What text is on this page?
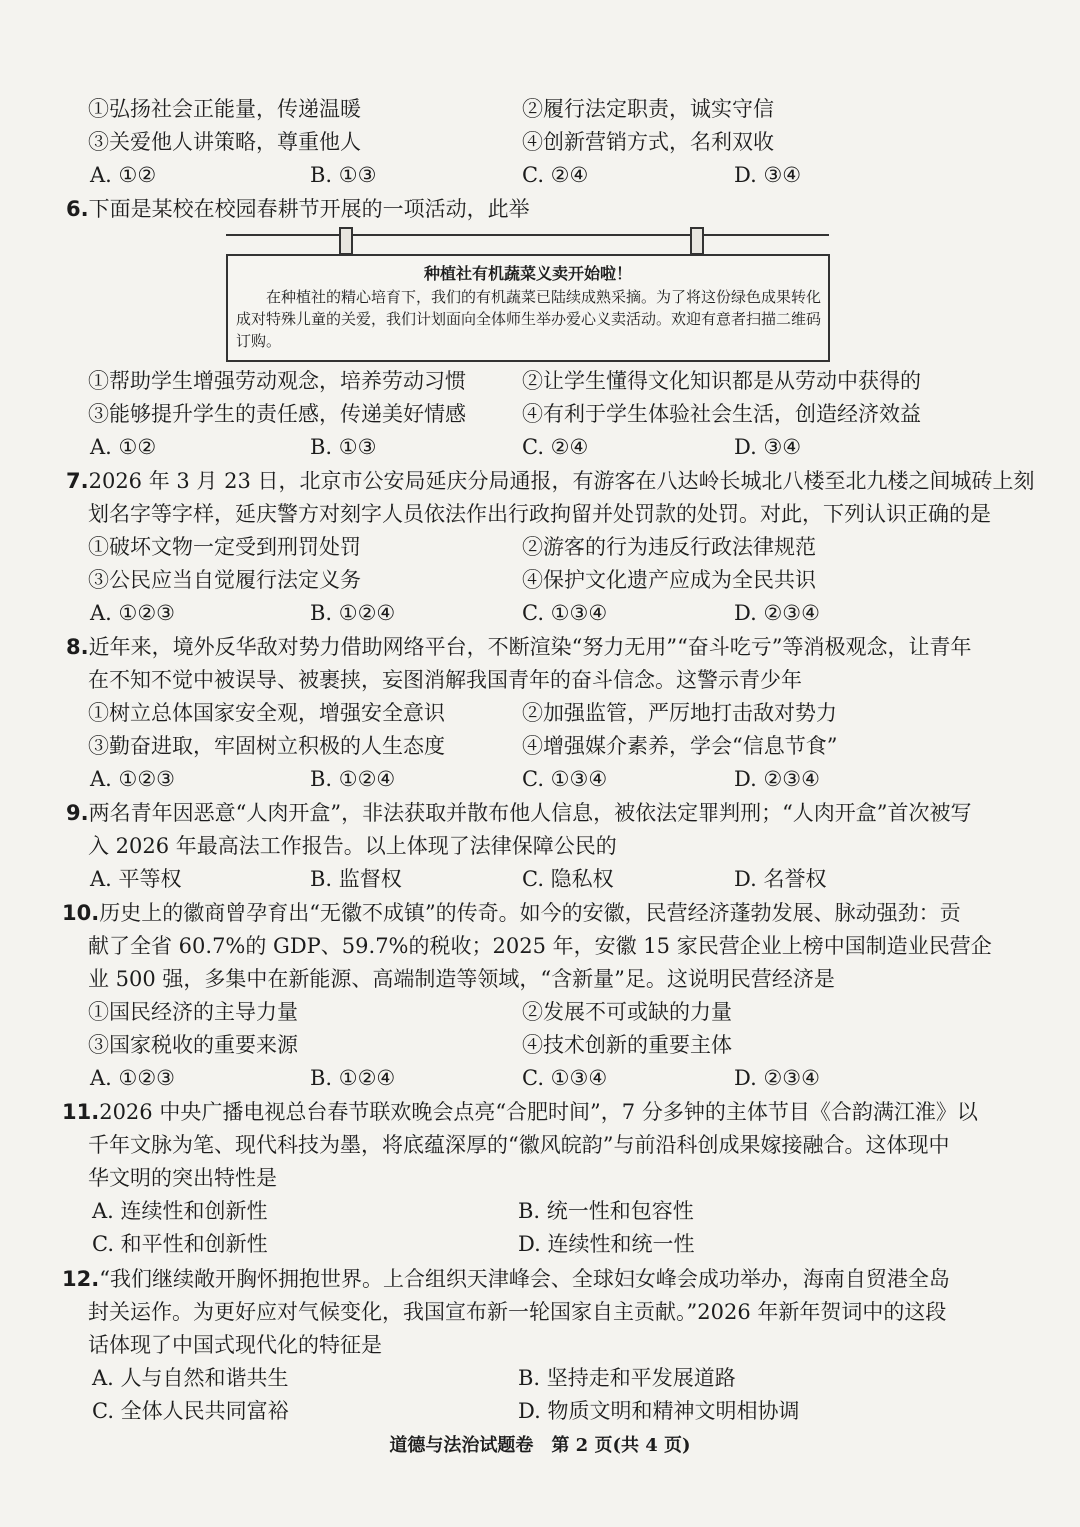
①弘扬社会正能量，传递温暖	②履行法定职责，诚实守信
③关爱他人讲策略，尊重他人	④创新营销方式，名利双收
A. ①②	B. ①③	C. ②④	D. ③④
6.下面是某校在校园春耕节开展的一项活动，此举
种植社有机蔬菜义卖开始啦！
　　在种植社的精心培育下，我们的有机蔬菜已陆续成熟采摘。为了将这份绿色成果转化成对特殊儿童的关爱，我们计划面向全体师生举办爱心义卖活动。欢迎有意者扫描二维码订购。
①帮助学生增强劳动观念，培养劳动习惯	②让学生懂得文化知识都是从劳动中获得的
③能够提升学生的责任感，传递美好情感	④有利于学生体验社会生活，创造经济效益
A. ①②	B. ①③	C. ②④	D. ③④
7.2026 年 3 月 23 日，北京市公安局延庆分局通报，有游客在八达岭长城北八楼至北九楼之间城砖上刻
划名字等字样，延庆警方对刻字人员依法作出行政拘留并处罚款的处罚。对此，下列认识正确的是
①破坏文物一定受到刑罚处罚	②游客的行为违反行政法律规范
③公民应当自觉履行法定义务	④保护文化遗产应成为全民共识
A. ①②③	B. ①②④	C. ①③④	D. ②③④
8.近年来，境外反华敌对势力借助网络平台，不断渲染“努力无用”“奋斗吃亏”等消极观念，让青年
在不知不觉中被误导、被裹挟，妄图消解我国青年的奋斗信念。这警示青少年
①树立总体国家安全观，增强安全意识	②加强监管，严厉地打击敌对势力
③勤奋进取，牢固树立积极的人生态度	④增强媒介素养，学会“信息节食”
A. ①②③	B. ①②④	C. ①③④	D. ②③④
9.两名青年因恶意“人肉开盒”，非法获取并散布他人信息，被依法定罪判刑；“人肉开盒”首次被写
入 2026 年最高法工作报告。以上体现了法律保障公民的
A. 平等权	B. 监督权	C. 隐私权	D. 名誉权
10.历史上的徽商曾孕育出“无徽不成镇”的传奇。如今的安徽，民营经济蓬勃发展、脉动强劲：贡
献了全省 60.7%的 GDP、59.7%的税收；2025 年，安徽 15 家民营企业上榜中国制造业民营企
业 500 强，多集中在新能源、高端制造等领域，“含新量”足。这说明民营经济是
①国民经济的主导力量	②发展不可或缺的力量
③国家税收的重要来源	④技术创新的重要主体
A. ①②③	B. ①②④	C. ①③④	D. ②③④
11.2026 中央广播电视总台春节联欢晚会点亮“合肥时间”，7 分多钟的主体节目《合韵满江淮》以
千年文脉为笔、现代科技为墨，将底蕴深厚的“徽风皖韵”与前沿科创成果嫁接融合。这体现中
华文明的突出特性是
A. 连续性和创新性	B. 统一性和包容性
C. 和平性和创新性	D. 连续性和统一性
12.“我们继续敞开胸怀拥抱世界。上合组织天津峰会、全球妇女峰会成功举办，海南自贸港全岛
封关运作。为更好应对气候变化，我国宣布新一轮国家自主贡献。”2026 年新年贺词中的这段
话体现了中国式现代化的特征是
A. 人与自然和谐共生	B. 坚持走和平发展道路
C. 全体人民共同富裕	D. 物质文明和精神文明相协调
道德与法治试题卷　第 2 页(共 4 页)
